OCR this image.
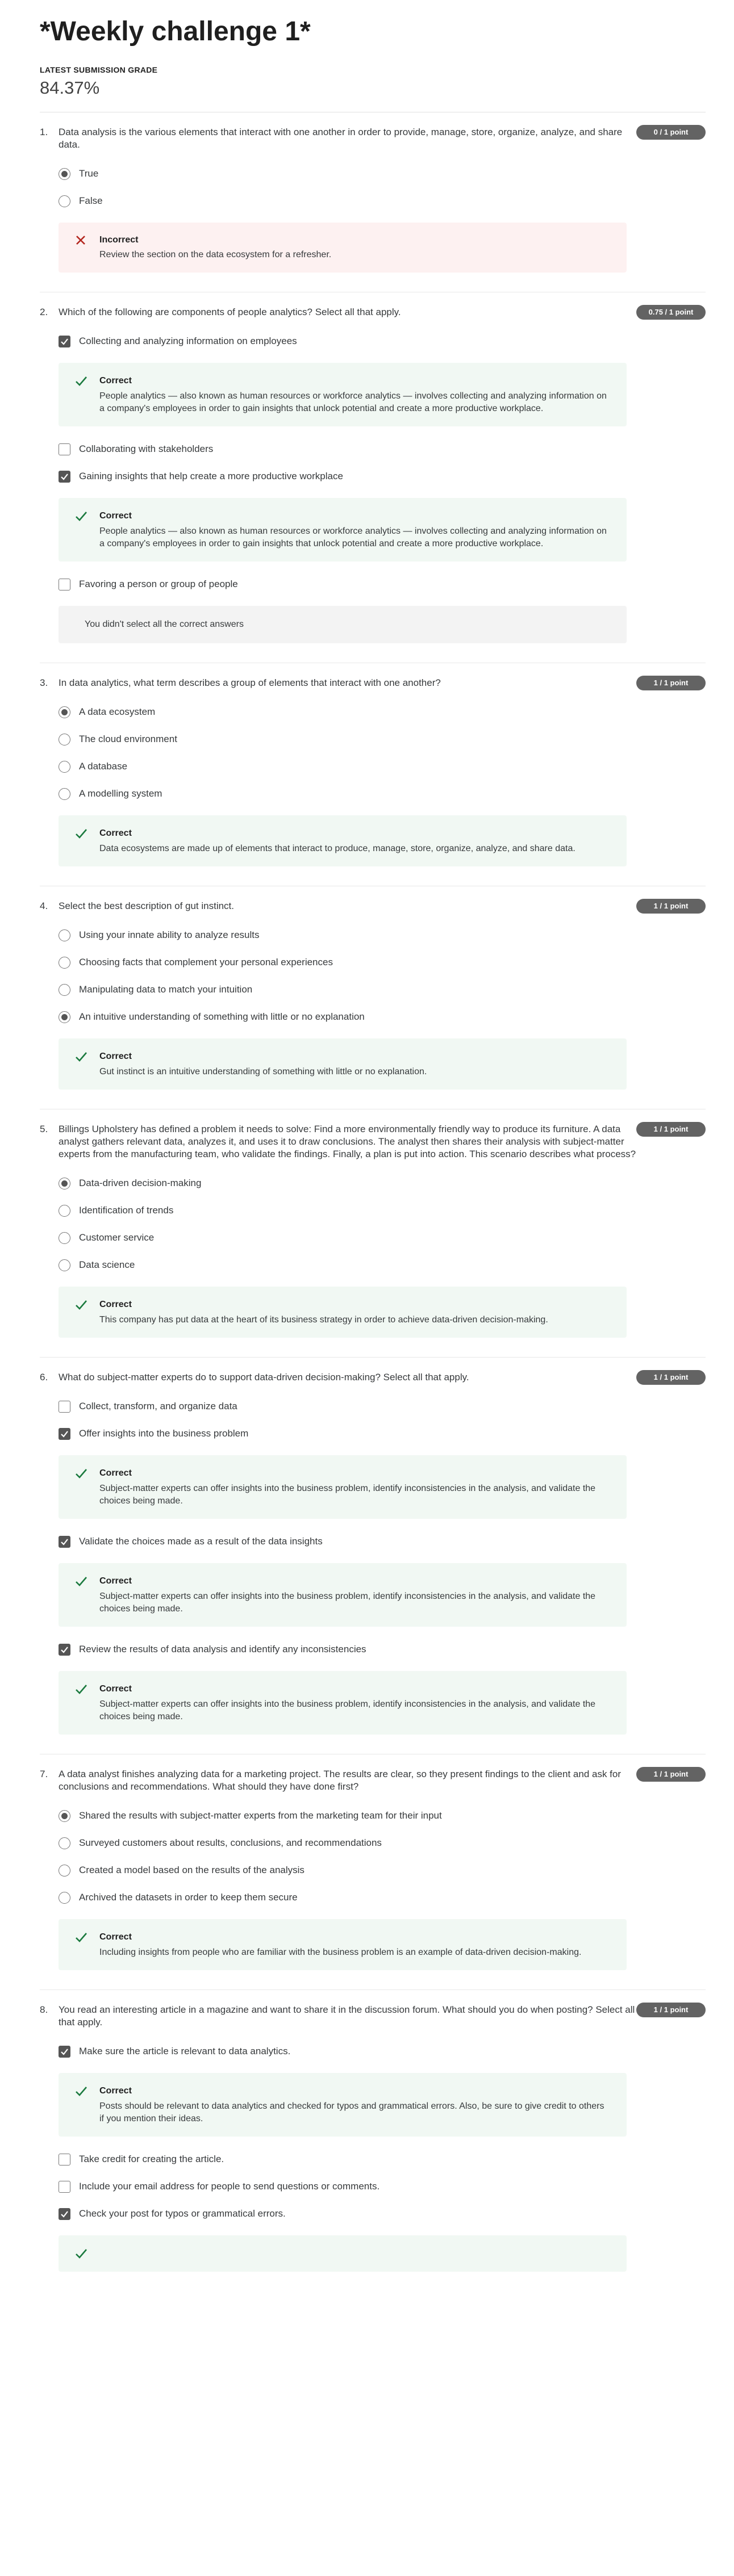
*Weekly challenge 1*
LATEST SUBMISSION GRADE
84.37%
1.	Data analysis is the various elements that interact with one another in order to provide, manage, store, organize, analyze, and share data.
0 / 1 point
True
False
Incorrect
Review the section on the data ecosystem for a refresher.
2.	Which of the following are components of people analytics? Select all that apply.	0.75 / 1 point
Collecting and analyzing information on employees
Correct
People analytics — also known as human resources or workforce analytics — involves collecting and analyzing information on a company's employees in order to gain insights that unlock potential and create a more productive workplace.
Collaborating with stakeholders
Gaining insights that help create a more productive workplace
Correct
People analytics — also known as human resources or workforce analytics — involves collecting and analyzing information on a company's employees in order to gain insights that unlock potential and create a more productive workplace.
Favoring a person or group of people
You didn't select all the correct answers
3.	In data analytics, what term describes a group of elements that interact with one another?	1 / 1 point
A data ecosystem
The cloud environment
A database
A modelling system
Correct
Data ecosystems are made up of elements that interact to produce, manage, store, organize, analyze, and share data.
4.	Select the best description of gut instinct.	1 / 1 point
Using your innate ability to analyze results
Choosing facts that complement your personal experiences
Manipulating data to match your intuition
An intuitive understanding of something with little or no explanation
Correct
Gut instinct is an intuitive understanding of something with little or no explanation.
5.	Billings Upholstery has defined a problem it needs to solve: Find a more environmentally friendly way to produce its furniture. A data analyst gathers relevant data, analyzes it, and uses it to draw conclusions. The analyst then shares their analysis with subject-matter experts from the manufacturing team, who validate the findings. Finally, a plan is put into action. This scenario describes what process?
1 / 1 point
Data-driven decision-making
Identification of trends
Customer service
Data science
Correct
This company has put data at the heart of its business strategy in order to achieve data-driven decision-making.
6.	What do subject-matter experts do to support data-driven decision-making? Select all that apply.	1 / 1 point
Collect, transform, and organize data
Offer insights into the business problem
Correct
Subject-matter experts can offer insights into the business problem, identify inconsistencies in the analysis, and validate the choices being made.
Validate the choices made as a result of the data insights
Correct
Subject-matter experts can offer insights into the business problem, identify inconsistencies in the analysis, and validate the choices being made.
Review the results of data analysis and identify any inconsistencies
Correct
Subject-matter experts can offer insights into the business problem, identify inconsistencies in the analysis, and validate the choices being made.
7.	A data analyst finishes analyzing data for a marketing project. The results are clear, so they present findings to the client and ask for conclusions and recommendations. What should they have done first?
1 / 1 point
Shared the results with subject-matter experts from the marketing team for their input
Surveyed customers about results, conclusions, and recommendations
Created a model based on the results of the analysis
Archived the datasets in order to keep them secure
Correct
Including insights from people who are familiar with the business problem is an example of data-driven decision-making.
8.	You read an interesting article in a magazine and want to share it in the discussion forum. What should you do when posting? Select all that apply.
1 / 1 point
Make sure the article is relevant to data analytics.
Correct
Posts should be relevant to data analytics and checked for typos and grammatical errors. Also, be sure to give credit to others if you mention their ideas.
Take credit for creating the article.
Include your email address for people to send questions or comments.
Check your post for typos or grammatical errors.
